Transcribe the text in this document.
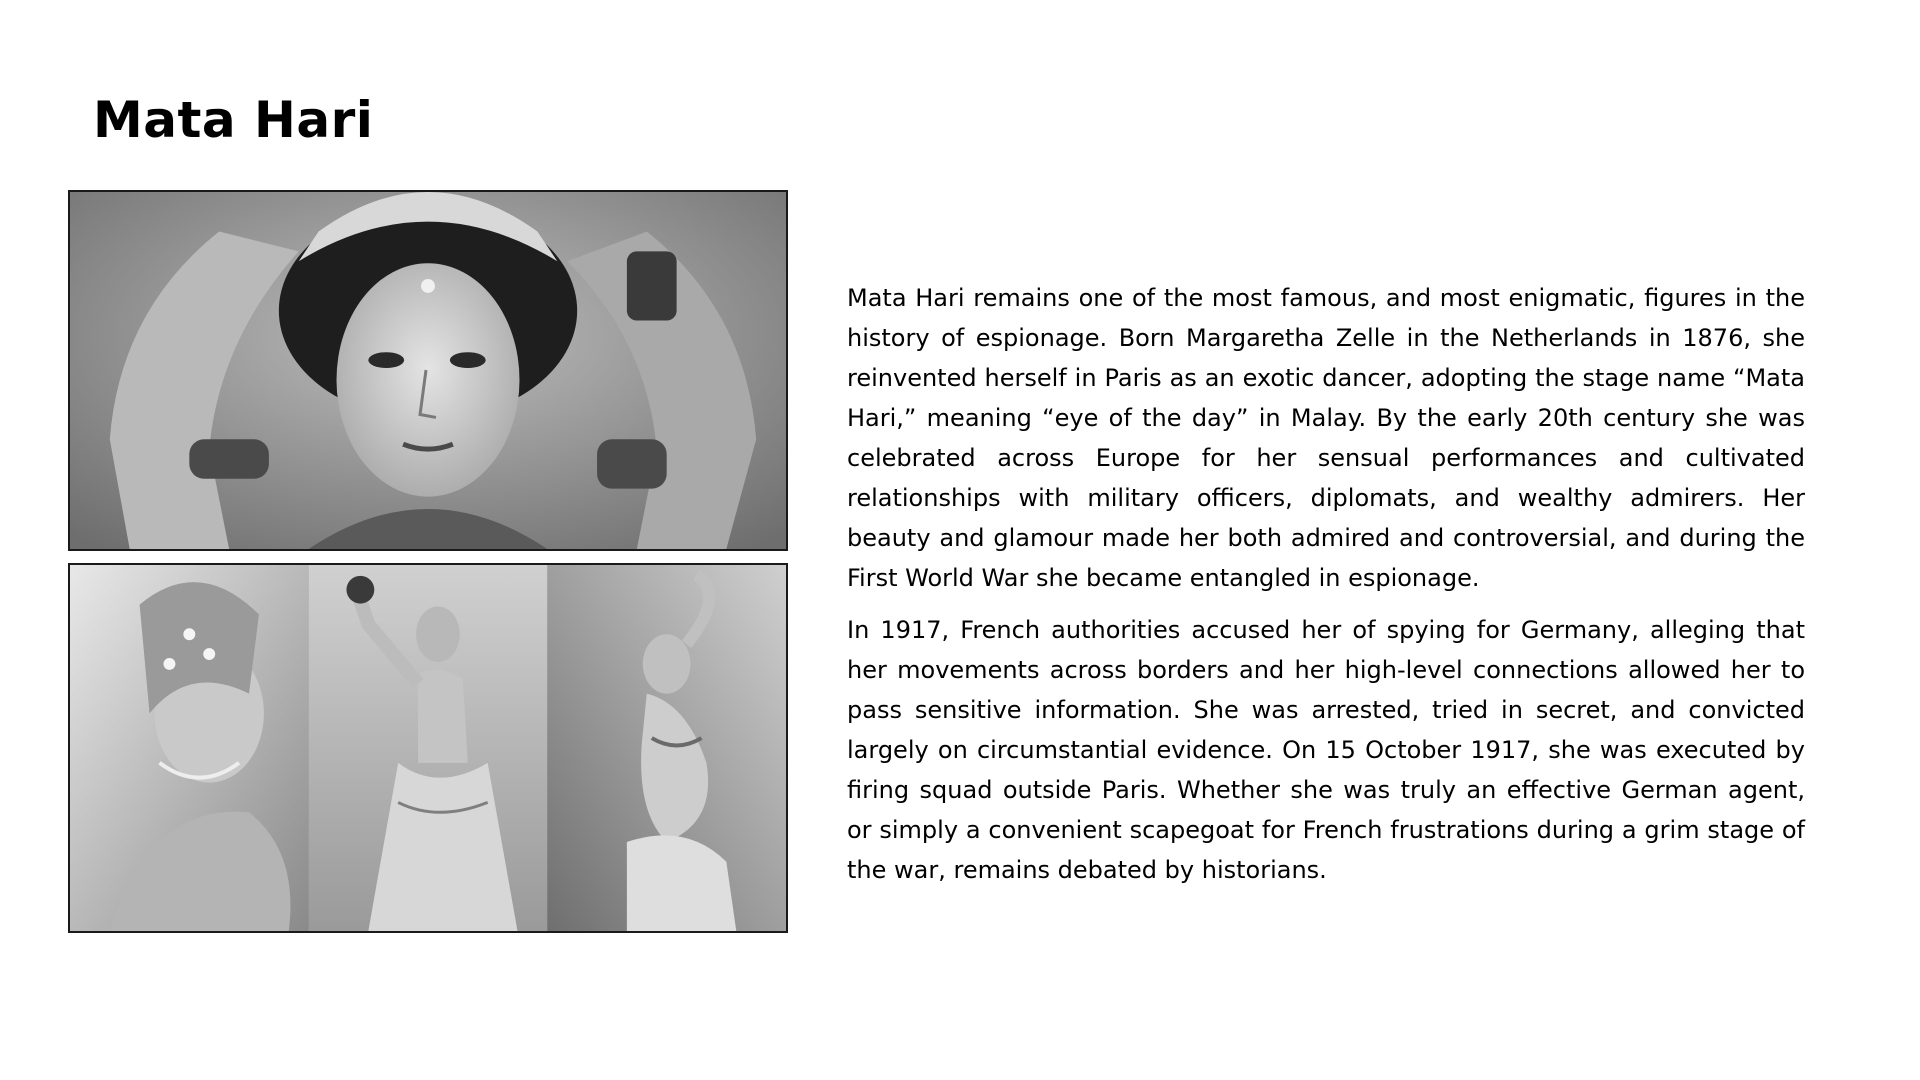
Mata Hari

Mata Hari remains one of the most famous, and most enigmatic, figures in the history of espionage. Born Margaretha Zelle in the Netherlands in 1876, she reinvented herself in Paris as an exotic dancer, adopting the stage name “Mata Hari,” meaning “eye of the day” in Malay. By the early 20th century she was celebrated across Europe for her sensual performances and cultivated relationships with military officers, diplomats, and wealthy admirers. Her beauty and glamour made her both admired and controversial, and during the First World War she became entangled in espionage.

In 1917, French authorities accused her of spying for Germany, alleging that her movements across borders and her high-level connections allowed her to pass sensitive information. She was arrested, tried in secret, and convicted largely on circumstantial evidence. On 15 October 1917, she was executed by firing squad outside Paris. Whether she was truly an effective German agent, or simply a convenient scapegoat for French frustrations during a grim stage of the war, remains debated by historians.
